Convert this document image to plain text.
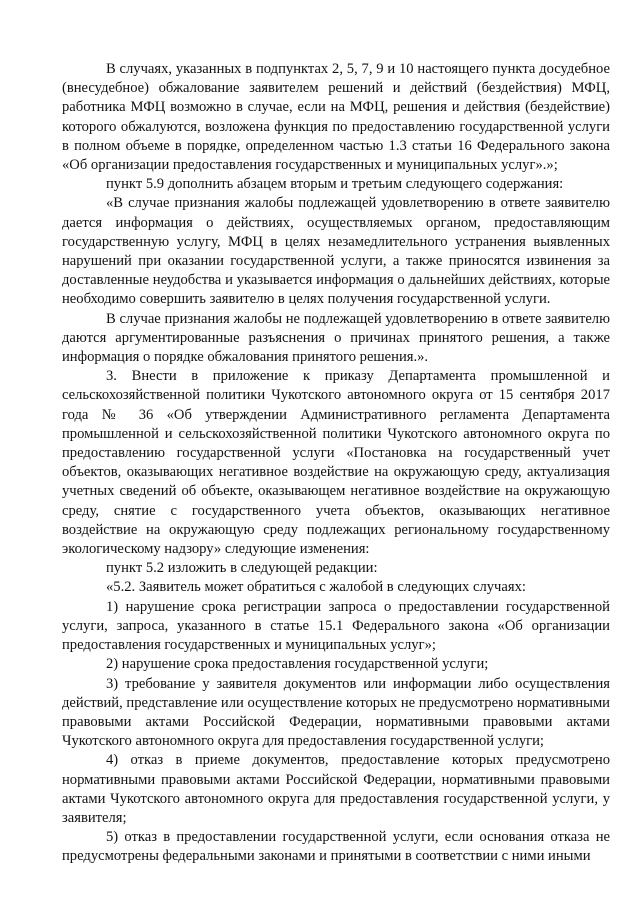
В случаях, указанных в подпунктах 2, 5, 7, 9 и 10 настоящего пункта досудебное (внесудебное) обжалование заявителем решений и действий (бездействия) МФЦ, работника МФЦ возможно в случае, если на МФЦ, решения и действия (бездействие) которого обжалуются, возложена функция по предоставлению государственной услуги в полном объеме в порядке, определенном частью 1.3 статьи 16 Федерального закона «Об организации предоставления государственных и муниципальных услуг».»;

пункт 5.9 дополнить абзацем вторым и третьим следующего содержания:

«В случае признания жалобы подлежащей удовлетворению в ответе заявителю дается информация о действиях, осуществляемых органом, предоставляющим государственную услугу, МФЦ в целях незамедлительного устранения выявленных нарушений при оказании государственной услуги, а также приносятся извинения за доставленные неудобства и указывается информация о дальнейших действиях, которые необходимо совершить заявителю в целях получения государственной услуги.

В случае признания жалобы не подлежащей удовлетворению в ответе заявителю даются аргументированные разъяснения о причинах принятого решения, а также информация о порядке обжалования принятого решения.».

3. Внести в приложение к приказу Департамента промышленной и сельскохозяйственной политики Чукотского автономного округа от 15 сентября 2017 года № 36 «Об утверждении Административного регламента Департамента промышленной и сельскохозяйственной политики Чукотского автономного округа по предоставлению государственной услуги «Постановка на государственный учет объектов, оказывающих негативное воздействие на окружающую среду, актуализация учетных сведений об объекте, оказывающем негативное воздействие на окружающую среду, снятие с государственного учета объектов, оказывающих негативное воздействие на окружающую среду подлежащих региональному государственному экологическому надзору» следующие изменения:

пункт 5.2 изложить в следующей редакции:

«5.2. Заявитель может обратиться с жалобой в следующих случаях:

1) нарушение срока регистрации запроса о предоставлении государственной услуги, запроса, указанного в статье 15.1 Федерального закона «Об организации предоставления государственных и муниципальных услуг»;

2) нарушение срока предоставления государственной услуги;

3) требование у заявителя документов или информации либо осуществления действий, представление или осуществление которых не предусмотрено нормативными правовыми актами Российской Федерации, нормативными правовыми актами Чукотского автономного округа для предоставления государственной услуги;

4) отказ в приеме документов, предоставление которых предусмотрено нормативными правовыми актами Российской Федерации, нормативными правовыми актами Чукотского автономного округа для предоставления государственной услуги, у заявителя;

5) отказ в предоставлении государственной услуги, если основания отказа не предусмотрены федеральными законами и принятыми в соответствии с ними иными
